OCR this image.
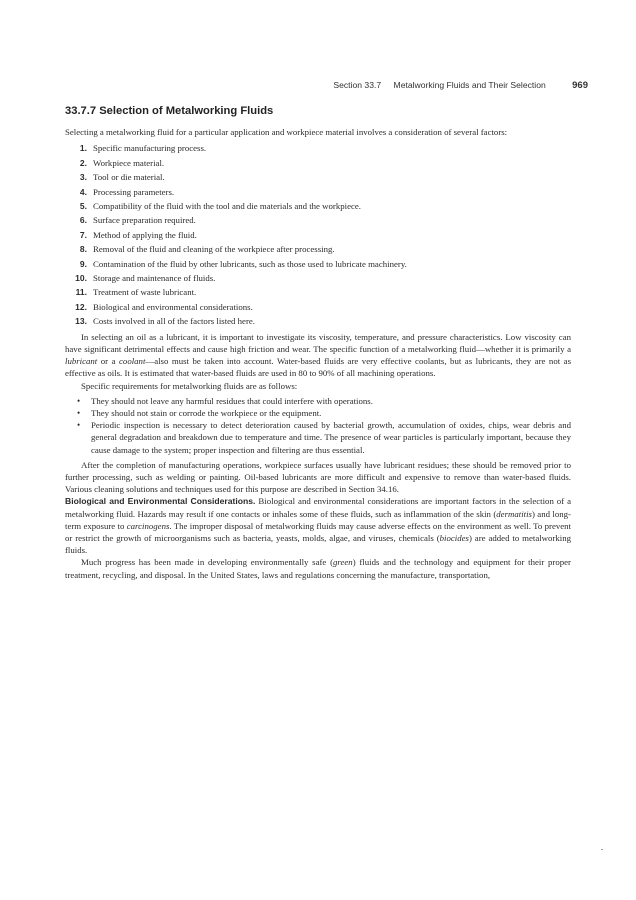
Section 33.7 Metalworking Fluids and Their Selection	969
33.7.7 Selection of Metalworking Fluids

Selecting a metalworking fluid for a particular application and workpiece material involves a consideration of several factors:

1. Specific manufacturing process.
2. Workpiece material.
3. Tool or die material.
4. Processing parameters.
5. Compatibility of the fluid with the tool and die materials and the workpiece.
6. Surface preparation required.
7. Method of applying the fluid.
8. Removal of the fluid and cleaning of the workpiece after processing.
9. Contamination of the fluid by other lubricants, such as those used to lubricate machinery.
10. Storage and maintenance of fluids.
11. Treatment of waste lubricant.
12. Biological and environmental considerations.
13. Costs involved in all of the factors listed here.

In selecting an oil as a lubricant, it is important to investigate its viscosity, temperature, and pressure characteristics. Low viscosity can have significant detrimental effects and cause high friction and wear. The specific function of a metalworking fluid—whether it is primarily a lubricant or a coolant—also must be taken into account. Water-based fluids are very effective coolants, but as lubricants, they are not as effective as oils. It is estimated that water-based fluids are used in 80 to 90% of all machining operations.

Specific requirements for metalworking fluids are as follows:

• They should not leave any harmful residues that could interfere with operations.
• They should not stain or corrode the workpiece or the equipment.
• Periodic inspection is necessary to detect deterioration caused by bacterial growth, accumulation of oxides, chips, wear debris and general degradation and breakdown due to temperature and time. The presence of wear particles is particularly important, because they cause damage to the system; proper inspection and filtering are thus essential.

After the completion of manufacturing operations, workpiece surfaces usually have lubricant residues; these should be removed prior to further processing, such as welding or painting. Oil-based lubricants are more difficult and expensive to remove than water-based fluids. Various cleaning solutions and techniques used for this purpose are described in Section 34.16.

Biological and Environmental Considerations. Biological and environmental considerations are important factors in the selection of a metalworking fluid. Hazards may result if one contacts or inhales some of these fluids, such as inflammation of the skin (dermatitis) and long-term exposure to carcinogens. The improper disposal of metalworking fluids may cause adverse effects on the environment as well. To prevent or restrict the growth of microorganisms such as bacteria, yeasts, molds, algae, and viruses, chemicals (biocides) are added to metalworking fluids.

Much progress has been made in developing environmentally safe (green) fluids and the technology and equipment for their proper treatment, recycling, and disposal. In the United States, laws and regulations concerning the manufacture, transportation,
